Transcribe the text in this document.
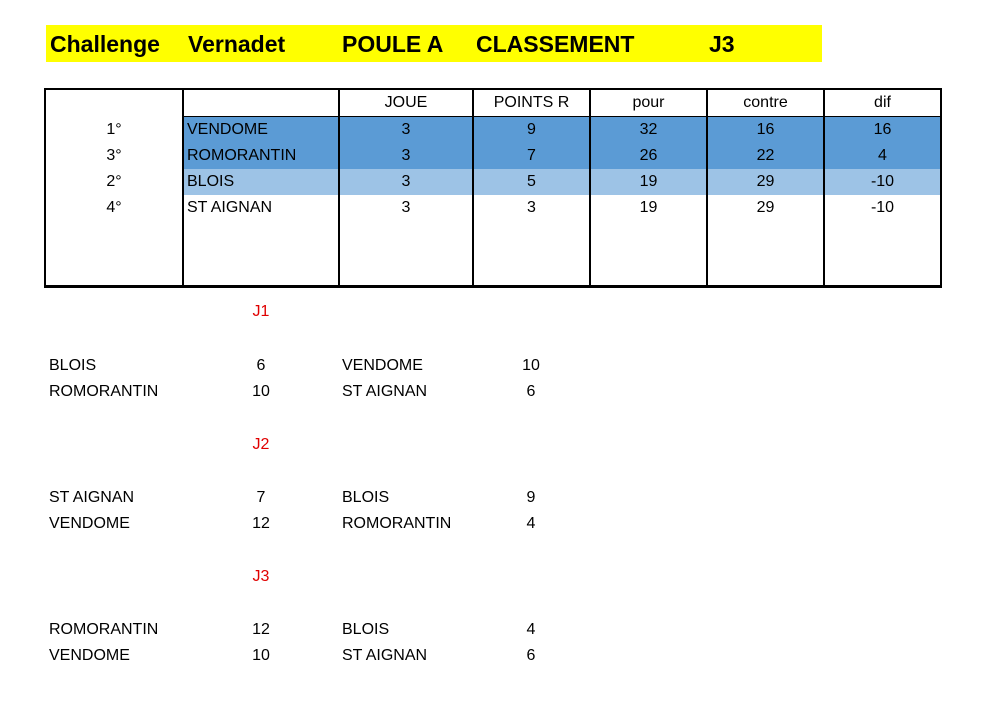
Challenge Vernadet POULE A CLASSEMENT	J3
		JOUE	POINTS R	pour	contre	dif
1°	VENDOME	3	9	32	16	16
3°	ROMORANTIN	3	7	26	22	4
2°	BLOIS	3	5	19	29	-10
4°	ST AIGNAN	3	3	19	29	-10

J1
BLOIS	6	VENDOME	10
ROMORANTIN	10	ST AIGNAN	6
J2
ST AIGNAN	7	BLOIS	9
VENDOME	12	ROMORANTIN	4
J3
ROMORANTIN	12	BLOIS	4
VENDOME	10	ST AIGNAN	6
